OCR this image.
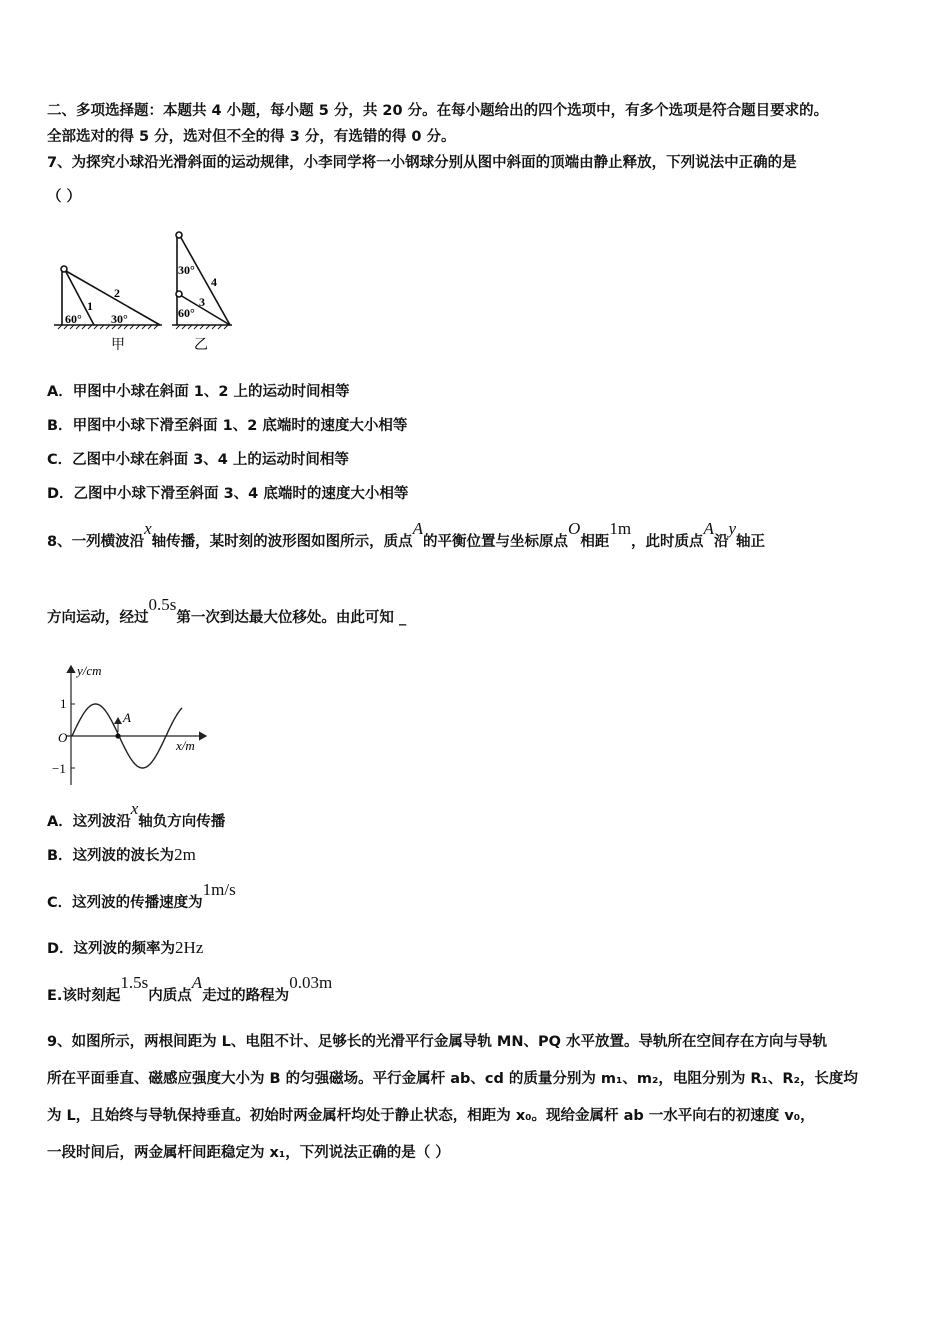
二、多项选择题：本题共 4 小题，每小题 5 分，共 20 分。在每小题给出的四个选项中，有多个选项是符合题目要求的。
全部选对的得 5 分，选对但不全的得 3 分，有选错的得 0 分。
7、为探究小球沿光滑斜面的运动规律，小李同学将一小钢球分别从图中斜面的顶端由静止释放，下列说法中正确的是
（ ）
60° 30°
1
2
甲
30°
60°
3
4
乙
A．甲图中小球在斜面 1、2 上的运动时间相等
B．甲图中小球下滑至斜面 1、2 底端时的速度大小相等
C．乙图中小球在斜面 3、4 上的运动时间相等
D．乙图中小球下滑至斜面 3、4 底端时的速度大小相等
8、一列横波沿x轴传播，某时刻的波形图如图所示，质点A的平衡位置与坐标原点O相距1m，此时质点A沿y轴正
方向运动，经过0.5s第一次到达最大位移处。由此可知 _
y/cm
x/m
1
−1
O
A
A．这列波沿x轴负方向传播
B．这列波的波长为2m
C．这列波的传播速度为1m/s
D．这列波的频率为2Hz
E.该时刻起1.5s内质点A走过的路程为0.03m
9、如图所示，两根间距为 L、电阻不计、足够长的光滑平行金属导轨 MN、PQ 水平放置。导轨所在空间存在方向与导轨
所在平面垂直、磁感应强度大小为 B 的匀强磁场。平行金属杆 ab、cd 的质量分别为 m₁、m₂，电阻分别为 R₁、R₂，长度均
为 L，且始终与导轨保持垂直。初始时两金属杆均处于静止状态，相距为 x₀。现给金属杆 ab 一水平向右的初速度 v₀，
一段时间后，两金属杆间距稳定为 x₁，下列说法正确的是（ ）
